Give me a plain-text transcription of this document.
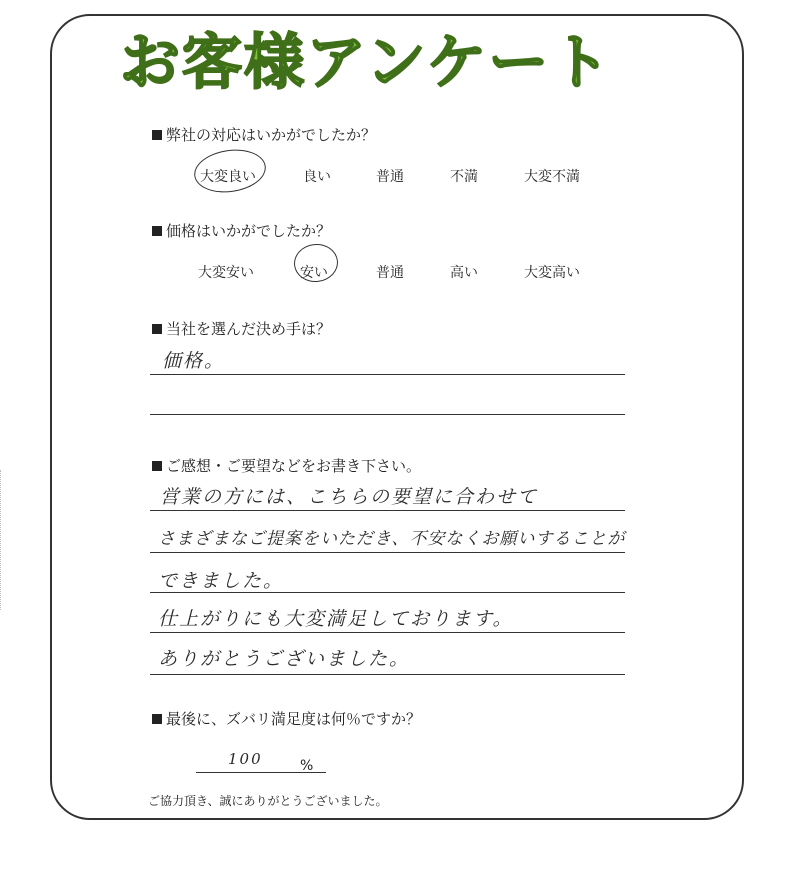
お客様アンケート
弊社の対応はいかがでしたか？
大変良い	良い	普通	不満	大変不満
価格はいかがでしたか？
大変安い	安い	普通	高い	大変高い
当社を選んだ決め手は？
価格。
ご感想・ご要望などをお書き下さい。
営業の方には、こちらの要望に合わせて
さまざまなご提案をいただき、不安なくお願いすることが
できました。
仕上がりにも大変満足しております。
ありがとうございました。
最後に、ズバリ満足度は何％ですか？
100	%
ご協力頂き、誠にありがとうございました。
